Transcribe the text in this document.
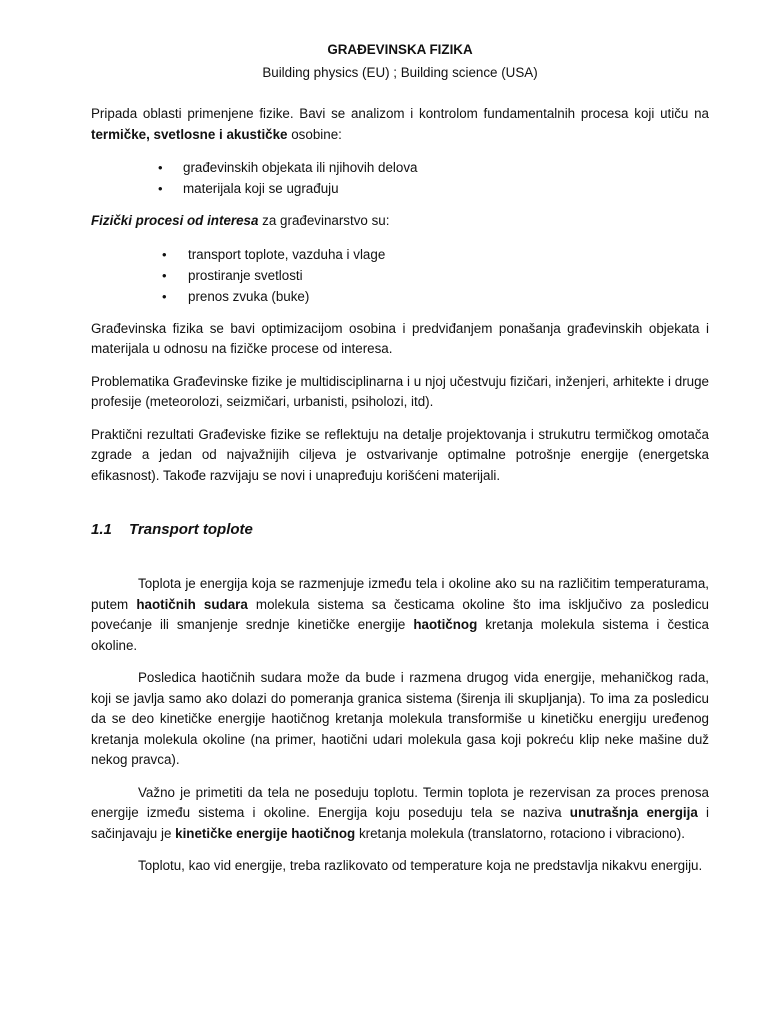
GRAĐEVINSKA FIZIKA
Building physics (EU) ; Building science (USA)

Pripada oblasti primenjene fizike. Bavi se analizom i kontrolom fundamentalnih procesa koji utiču na termičke, svetlosne i akustičke osobine:

• građevinskih objekata ili njihovih delova
• materijala koji se ugrađuju

Fizički procesi od interesa za građevinarstvo su:

• transport toplote, vazduha i vlage
• prostiranje svetlosti
• prenos zvuka (buke)

Građevinska fizika se bavi optimizacijom osobina i predviđanjem ponašanja građevinskih objekata i materijala u odnosu na fizičke procese od interesa.

Problematika Građevinske fizike je multidisciplinarna i u njoj učestvuju fizičari, inženjeri, arhitekte i druge profesije (meteorolozi, seizmičari, urbanisti, psiholozi, itd).

Praktični rezultati Građeviske fizike se reflektuju na detalje projektovanja i strukutru termičkog omotača zgrade a jedan od najvažnijih ciljeva je ostvarivanje optimalne potrošnje energije (energetska efikasnost). Takođe razvijaju se novi i unapređuju korišćeni materijali.

1.1 Transport toplote

Toplota je energija koja se razmenjuje između tela i okoline ako su na različitim temperaturama, putem haotičnih sudara molekula sistema sa česticama okoline što ima isključivo za posledicu povećanje ili smanjenje srednje kinetičke energije haotičnog kretanja molekula sistema i čestica okoline.

Posledica haotičnih sudara može da bude i razmena drugog vida energije, mehaničkog rada, koji se javlja samo ako dolazi do pomeranja granica sistema (širenja ili skupljanja). To ima za posledicu da se deo kinetičke energije haotičnog kretanja molekula transformiše u kinetičku energiju uređenog kretanja molekula okoline (na primer, haotični udari molekula gasa koji pokreću klip neke mašine duž nekog pravca).

Važno je primetiti da tela ne poseduju toplotu. Termin toplota je rezervisan za proces prenosa energije između sistema i okoline. Energija koju poseduju tela se naziva unutrašnja energija i sačinjavaju je kinetičke energije haotičnog kretanja molekula (translatorno, rotaciono i vibraciono).

Toplotu, kao vid energije, treba razlikovato od temperature koja ne predstavlja nikakvu energiju.
